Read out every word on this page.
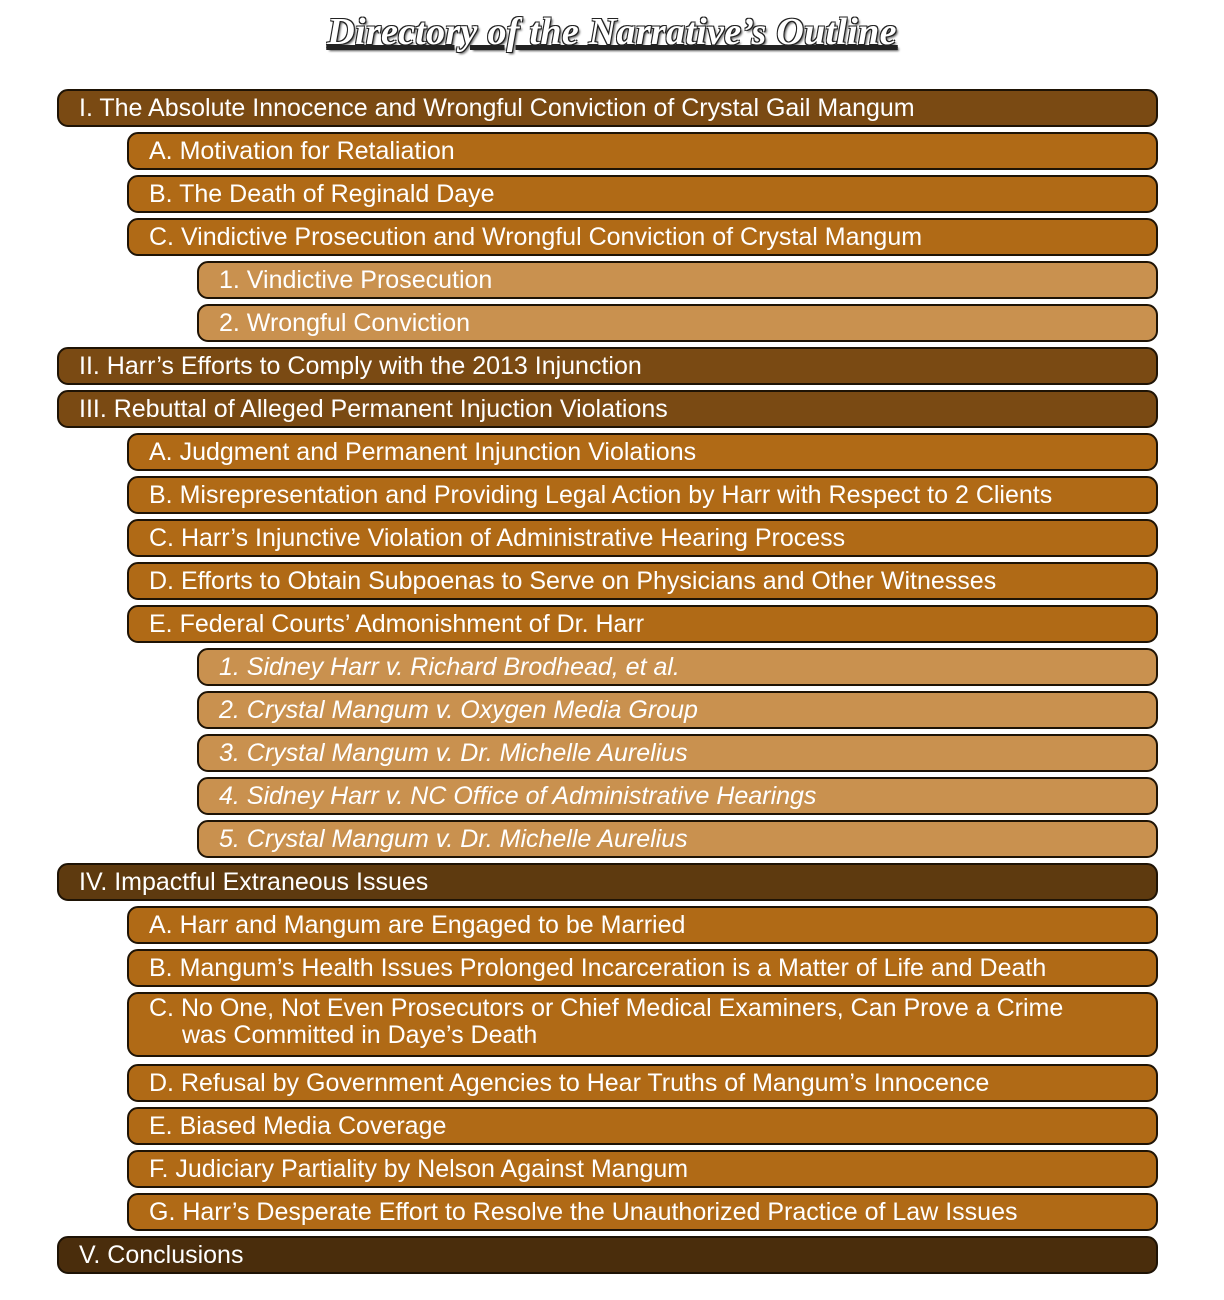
Directory of the Narrative’s Outline
I. The Absolute Innocence and Wrongful Conviction of Crystal Gail Mangum
A. Motivation for Retaliation
B. The Death of Reginald Daye
C. Vindictive Prosecution and Wrongful Conviction of Crystal Mangum
1. Vindictive Prosecution
2. Wrongful Conviction
II. Harr’s Efforts to Comply with the 2013 Injunction
III. Rebuttal of Alleged Permanent Injuction Violations
A. Judgment and Permanent Injunction Violations
B. Misrepresentation and Providing Legal Action by Harr with Respect to 2 Clients
C. Harr’s Injunctive Violation of Administrative Hearing Process
D. Efforts to Obtain Subpoenas to Serve on Physicians and Other Witnesses
E. Federal Courts’ Admonishment of Dr. Harr
1. Sidney Harr v. Richard Brodhead, et al.
2. Crystal Mangum v. Oxygen Media Group
3. Crystal Mangum v. Dr. Michelle Aurelius
4. Sidney Harr v. NC Office of Administrative Hearings
5. Crystal Mangum v. Dr. Michelle Aurelius
IV. Impactful Extraneous Issues
A. Harr and Mangum are Engaged to be Married
B. Mangum’s Health Issues Prolonged Incarceration is a Matter of Life and Death
C. No One, Not Even Prosecutors or Chief Medical Examiners, Can Prove a Crime
was Committed in Daye’s Death
D. Refusal by Government Agencies to Hear Truths of Mangum’s Innocence
E. Biased Media Coverage
F. Judiciary Partiality by Nelson Against Mangum
G. Harr’s Desperate Effort to Resolve the Unauthorized Practice of Law Issues
V. Conclusions
